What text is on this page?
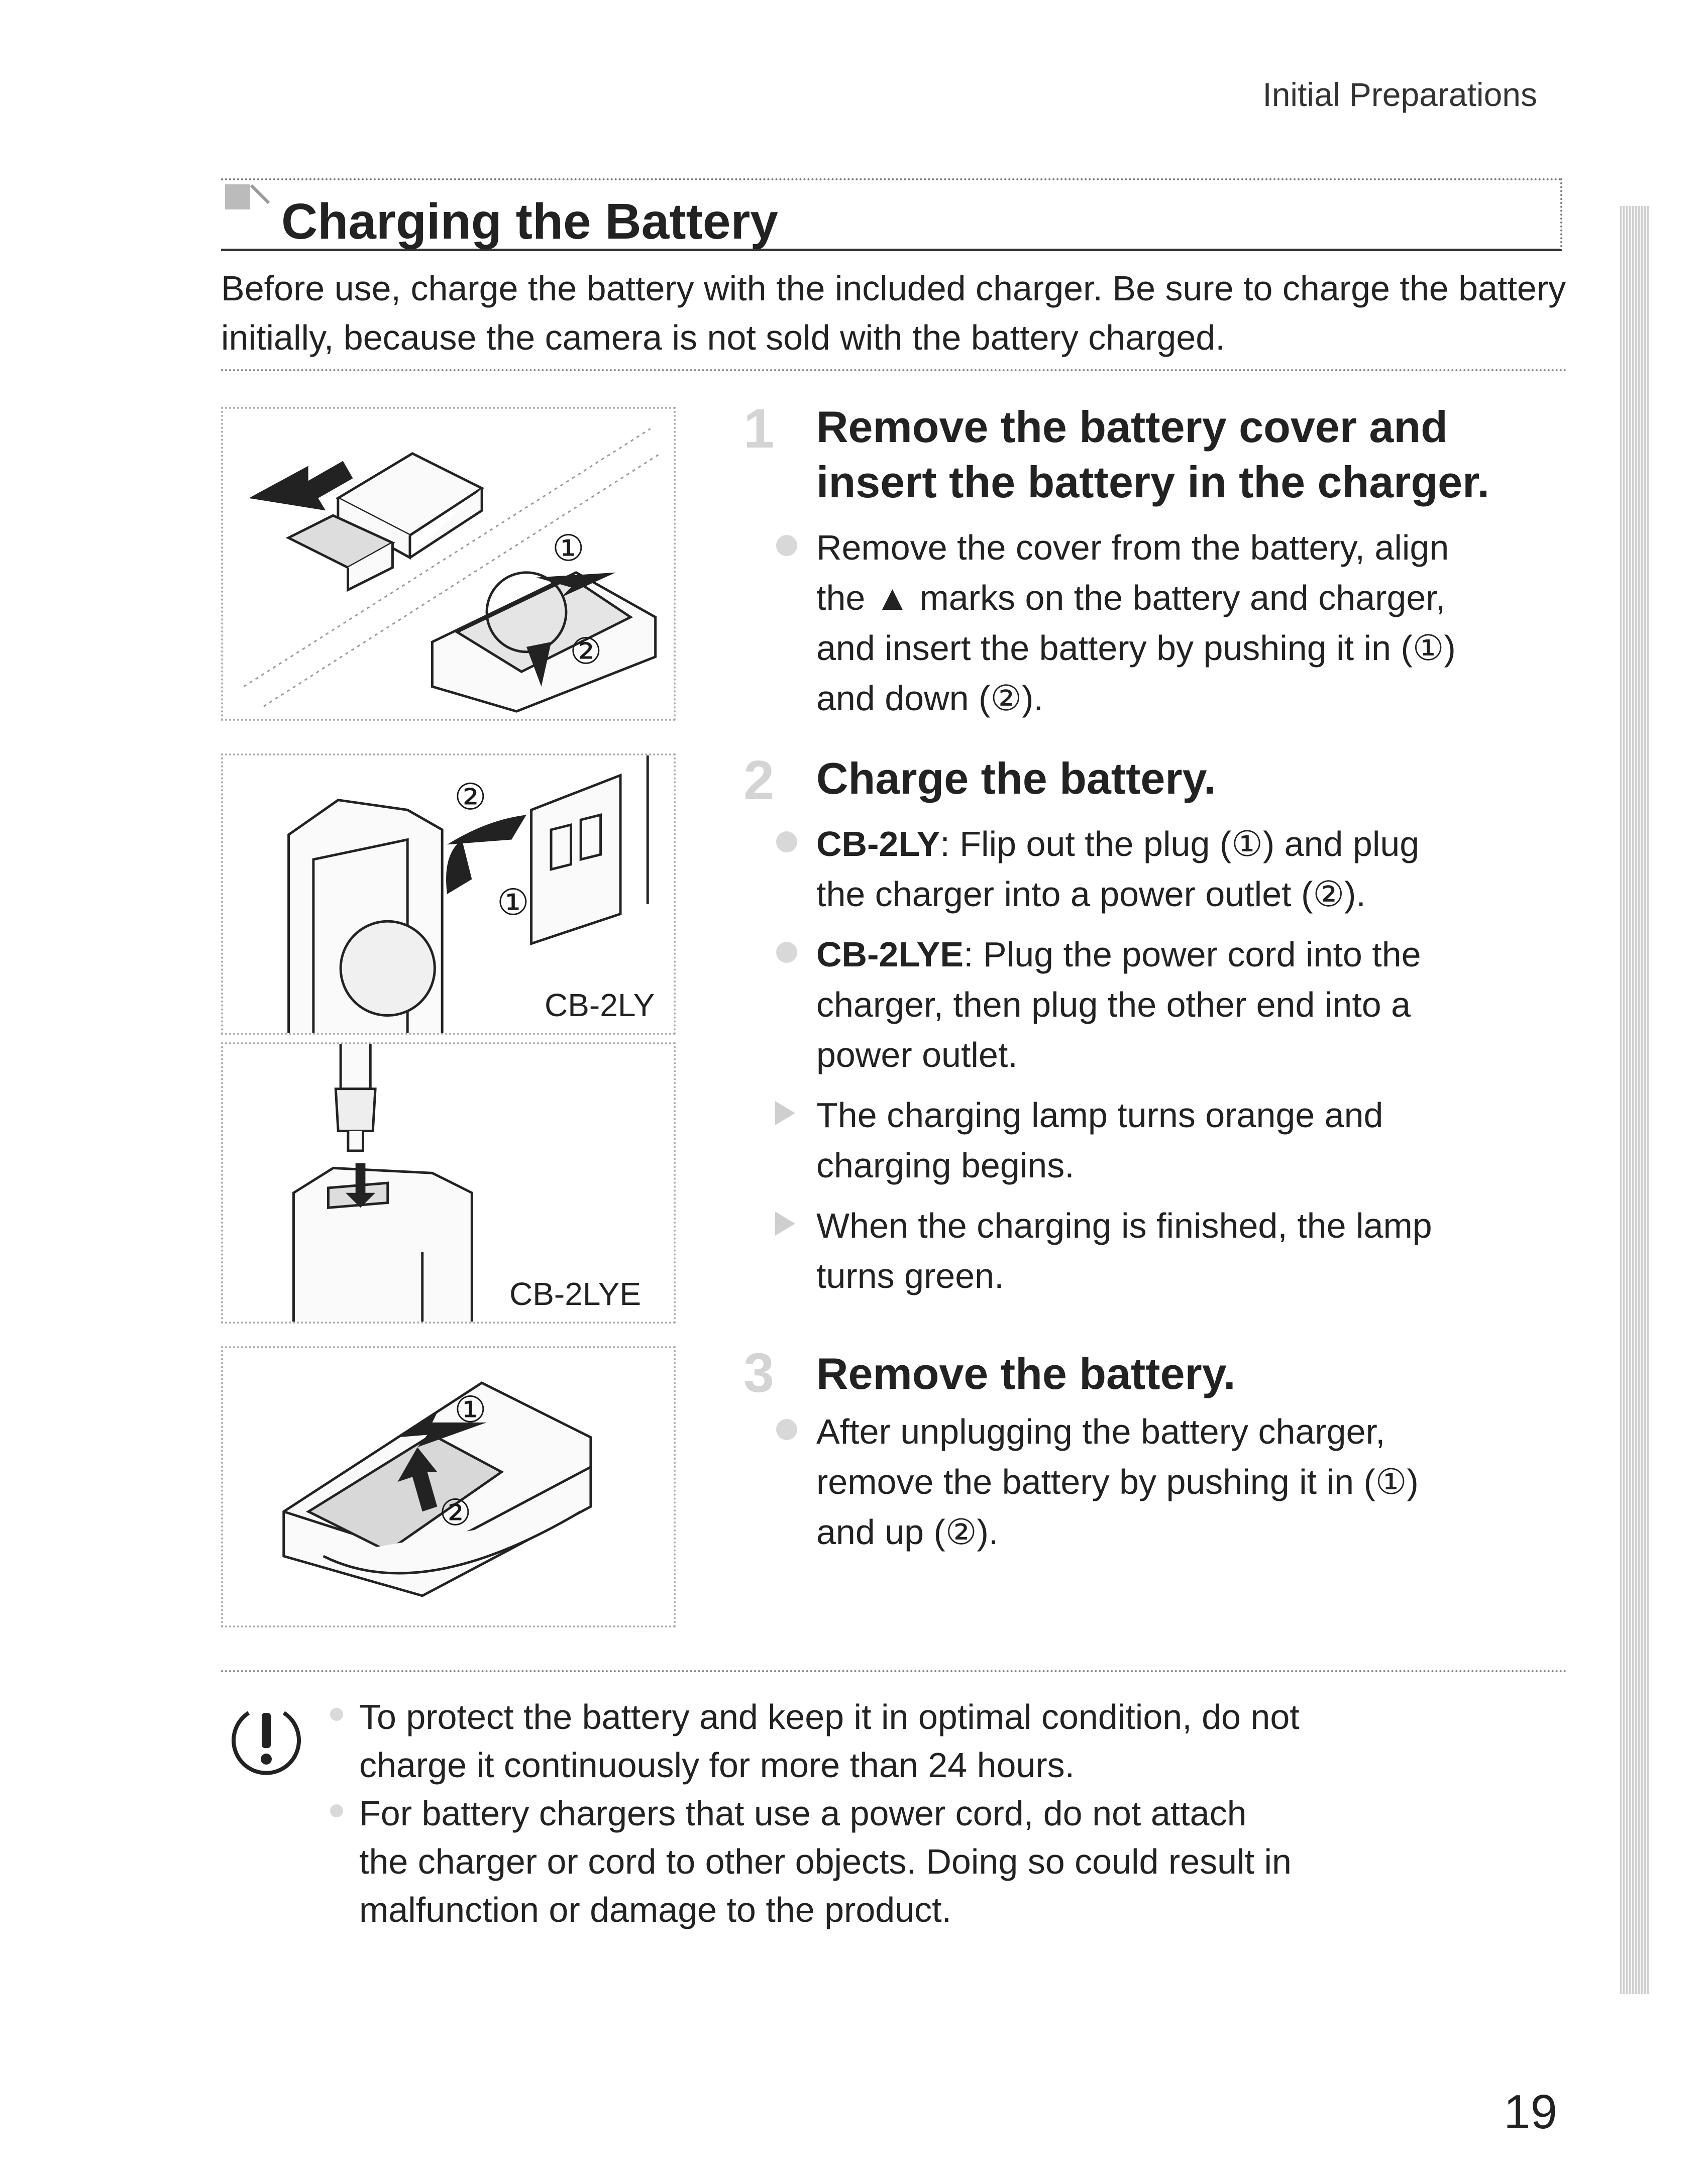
Initial Preparations
Charging the Battery
Before use, charge the battery with the included charger. Be sure to charge the battery initially, because the camera is not sold with the battery charged.
①
②
②
①
CB-2LY
CB-2LYE
①
②
1 Remove the battery cover and
insert the battery in the charger.
Remove the cover from the battery, align
the ▲ marks on the battery and charger,
and insert the battery by pushing it in (①)
and down (②).
2 Charge the battery.
CB-2LY: Flip out the plug (①) and plug
the charger into a power outlet (②).
CB-2LYE: Plug the power cord into the
charger, then plug the other end into a
power outlet.
The charging lamp turns orange and
charging begins.
When the charging is finished, the lamp
turns green.
3 Remove the battery.
After unplugging the battery charger,
remove the battery by pushing it in (①)
and up (②).
To protect the battery and keep it in optimal condition, do not
charge it continuously for more than 24 hours.
For battery chargers that use a power cord, do not attach
the charger or cord to other objects. Doing so could result in
malfunction or damage to the product.
19
